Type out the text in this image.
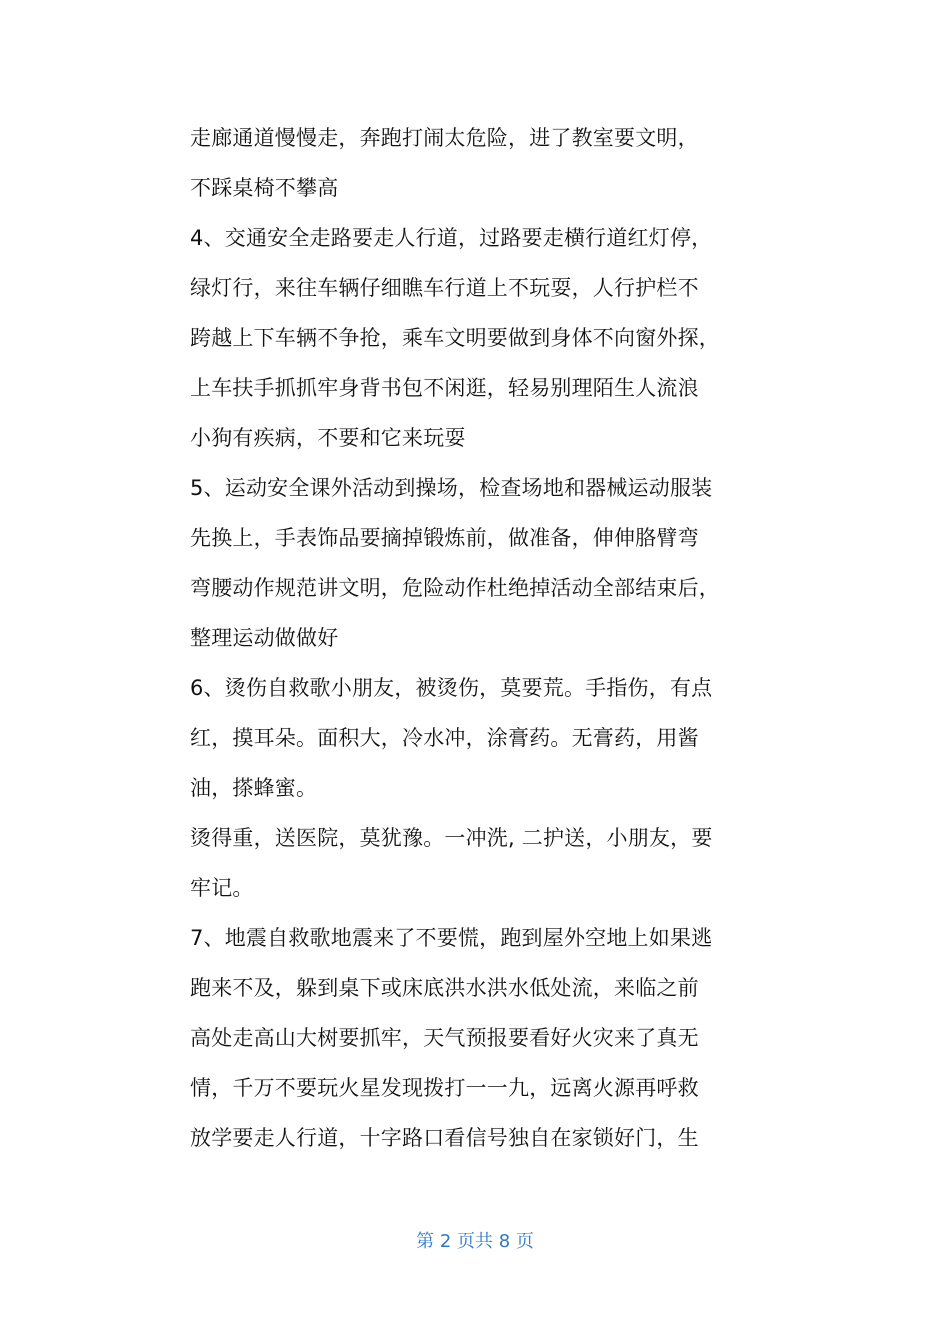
走廊通道慢慢走，奔跑打闹太危险，进了教室要文明，
不踩桌椅不攀高
4、交通安全走路要走人行道，过路要走横行道红灯停，
绿灯行，来往车辆仔细瞧车行道上不玩耍，人行护栏不
跨越上下车辆不争抢，乘车文明要做到身体不向窗外探，
上车扶手抓抓牢身背书包不闲逛，轻易别理陌生人流浪
小狗有疾病，不要和它来玩耍
5、运动安全课外活动到操场，检查场地和器械运动服装
先换上，手表饰品要摘掉锻炼前，做准备，伸伸胳臂弯
弯腰动作规范讲文明，危险动作杜绝掉活动全部结束后，
整理运动做做好
6、烫伤自救歌小朋友，被烫伤，莫要荒。手指伤，有点
红，摸耳朵。面积大，冷水冲，涂膏药。无膏药，用酱
油，搽蜂蜜。
烫得重，送医院，莫犹豫。一冲洗, 二护送，小朋友，要
牢记。
7、地震自救歌地震来了不要慌，跑到屋外空地上如果逃
跑来不及，躲到桌下或床底洪水洪水低处流，来临之前
高处走高山大树要抓牢，天气预报要看好火灾来了真无
情，千万不要玩火星发现拨打一一九，远离火源再呼救
放学要走人行道，十字路口看信号独自在家锁好门，生
第 2 页共 8 页
